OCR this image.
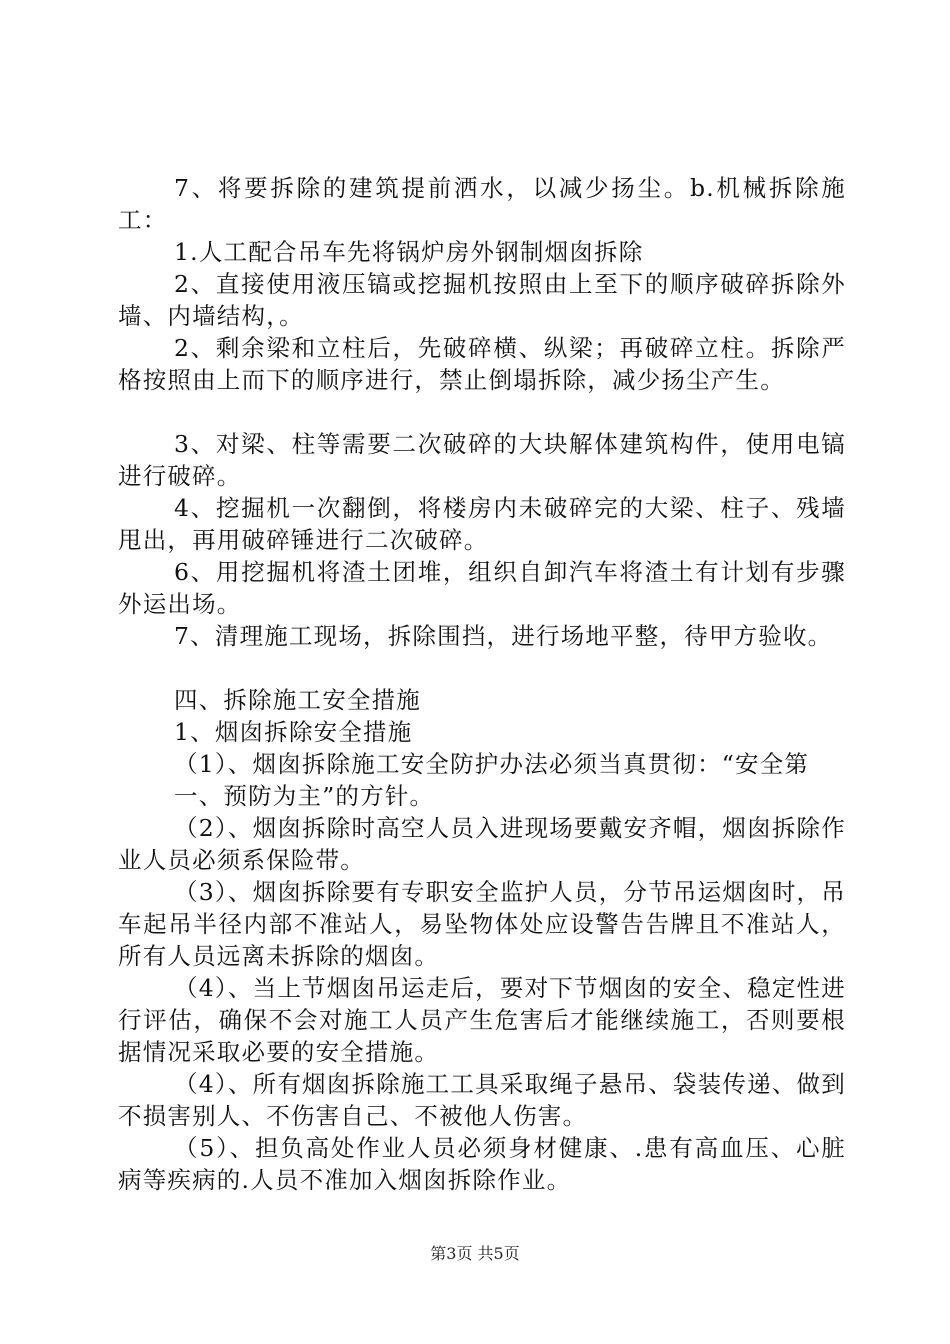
7、将要拆除的建筑提前洒水，以减少扬尘。b.机械拆除施工：

1.人工配合吊车先将锅炉房外钢制烟囱拆除

2、直接使用液压镐或挖掘机按照由上至下的顺序破碎拆除外墙、内墙结构，。

2、剩余梁和立柱后，先破碎横、纵梁；再破碎立柱。拆除严格按照由上而下的顺序进行，禁止倒塌拆除，减少扬尘产生。

3、对梁、柱等需要二次破碎的大块解体建筑构件，使用电镐进行破碎。

4、挖掘机一次翻倒，将楼房内未破碎完的大梁、柱子、残墙甩出，再用破碎锤进行二次破碎。

6、用挖掘机将渣土团堆，组织自卸汽车将渣土有计划有步骤外运出场。

7、清理施工现场，拆除围挡，进行场地平整，待甲方验收。

四、拆除施工安全措施

1、烟囱拆除安全措施

（1）、烟囱拆除施工安全防护办法必须当真贯彻：“安全第

一、预防为主”的方针。

（2）、烟囱拆除时高空人员入进现场要戴安齐帽，烟囱拆除作业人员必须系保险带。

（3）、烟囱拆除要有专职安全监护人员，分节吊运烟囱时，吊车起吊半径内部不准站人，易坠物体处应设警告告牌且不准站人，所有人员远离未拆除的烟囱。

（4）、当上节烟囱吊运走后，要对下节烟囱的安全、稳定性进行评估，确保不会对施工人员产生危害后才能继续施工，否则要根据情况采取必要的安全措施。

（4）、所有烟囱拆除施工工具采取绳子悬吊、袋装传递、做到不损害别人、不伤害自己、不被他人伤害。

（5）、担负高处作业人员必须身材健康、.患有高血压、心脏病等疾病的.人员不准加入烟囱拆除作业。

第3页 共5页
